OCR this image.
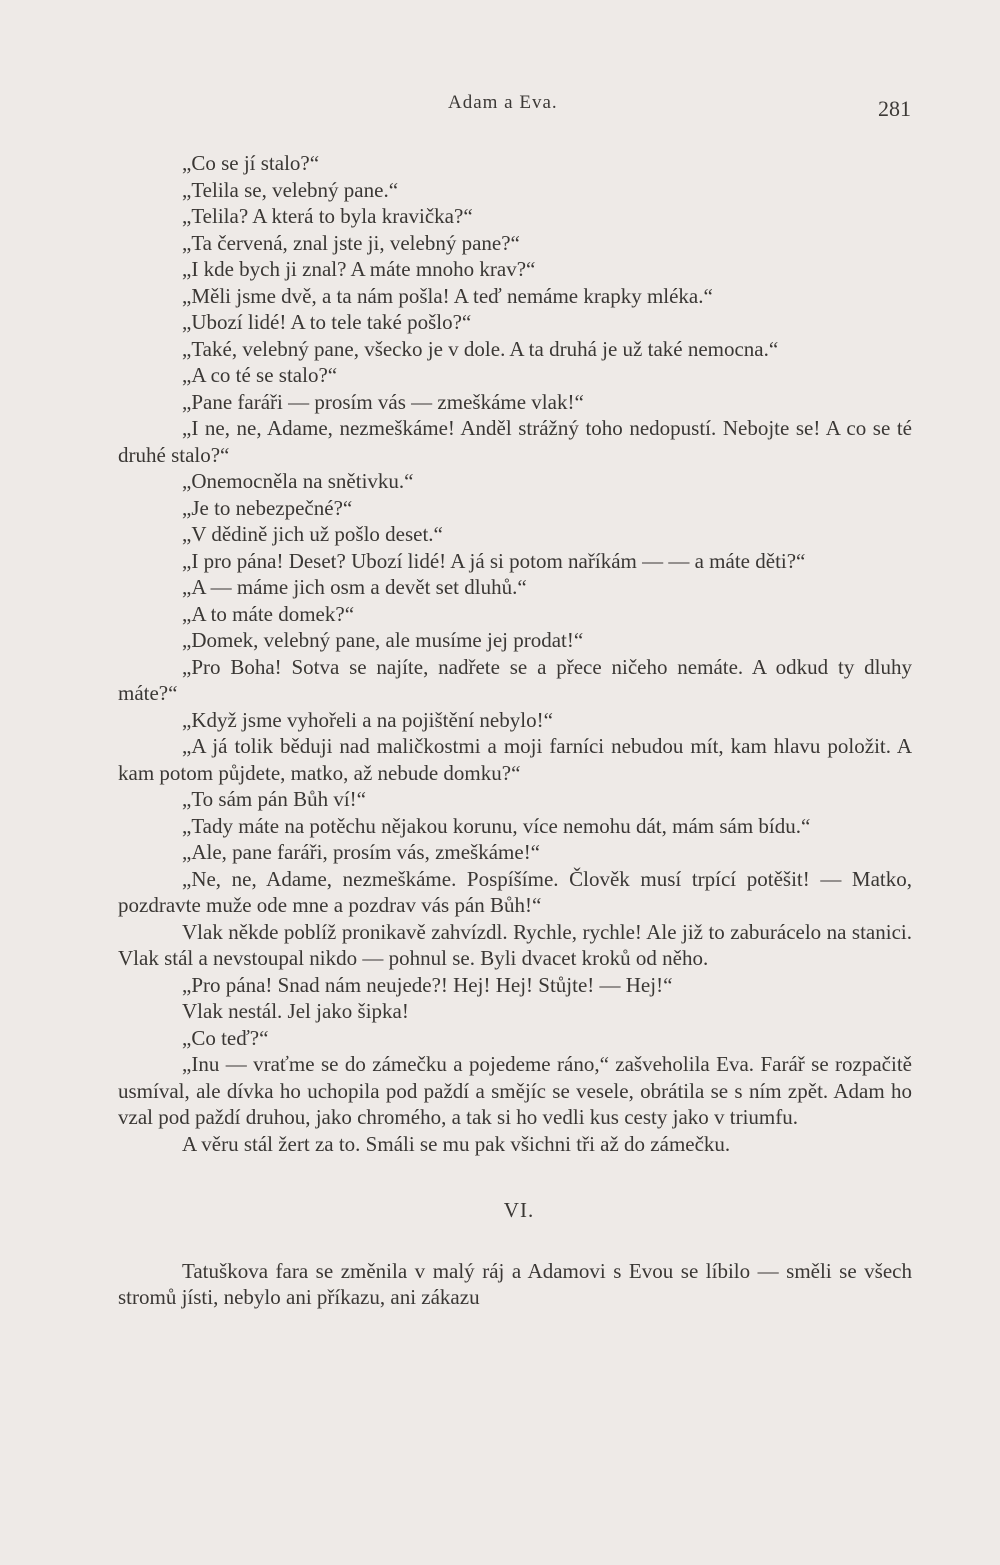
Adam a Eva.	281

„Co se jí stalo?“

„Telila se, velebný pane.“

„Telila? A která to byla kravička?“

„Ta červená, znal jste ji, velebný pane?“

„I kde bych ji znal? A máte mnoho krav?“

„Měli jsme dvě, a ta nám pošla! A teď nemáme krapky mléka.“

„Ubozí lidé! A to tele také pošlo?“

„Také, velebný pane, všecko je v dole. A ta druhá je už také nemocna.“

„A co té se stalo?“

„Pane faráři — prosím vás — zmeškáme vlak!“

„I ne, ne, Adame, nezmeškáme! Anděl strážný toho nedopustí. Nebojte se! A co se té druhé stalo?“

„Onemocněla na snětivku.“

„Je to nebezpečné?“

„V dědině jich už pošlo deset.“

„I pro pána! Deset? Ubozí lidé! A já si potom naříkám — — a máte děti?“

„A — máme jich osm a devět set dluhů.“

„A to máte domek?“

„Domek, velebný pane, ale musíme jej prodat!“

„Pro Boha! Sotva se najíte, nadřete se a přece ničeho nemáte. A odkud ty dluhy máte?“

„Když jsme vyhořeli a na pojištění nebylo!“

„A já tolik běduji nad maličkostmi a moji farníci nebudou mít, kam hlavu položit. A kam potom půjdete, matko, až nebude domku?“

„To sám pán Bůh ví!“

„Tady máte na potěchu nějakou korunu, více nemohu dát, mám sám bídu.“

„Ale, pane faráři, prosím vás, zmeškáme!“

„Ne, ne, Adame, nezmeškáme. Pospíšíme. Člověk musí trpící potěšit! — Matko, pozdravte muže ode mne a pozdrav vás pán Bůh!“

Vlak někde poblíž pronikavě zahvízdl. Rychle, rychle! Ale již to zaburácelo na stanici. Vlak stál a nevstoupal nikdo — pohnul se. Byli dvacet kroků od něho.

„Pro pána! Snad nám neujede?! Hej! Hej! Stůjte! — Hej!“

Vlak nestál. Jel jako šipka!

„Co teď?“

„Inu — vraťme se do zámečku a pojedeme ráno,“ zašveholila Eva. Farář se rozpačitě usmíval, ale dívka ho uchopila pod paždí a smějíc se vesele, obrátila se s ním zpět. Adam ho vzal pod paždí druhou, jako chromého, a tak si ho vedli kus cesty jako v triumfu.

A věru stál žert za to. Smáli se mu pak všichni tři až do zámečku.

VI.

Tatuškova fara se změnila v malý ráj a Adamovi s Evou se líbilo — směli se všech stromů jísti, nebylo ani příkazu, ani zákazu
